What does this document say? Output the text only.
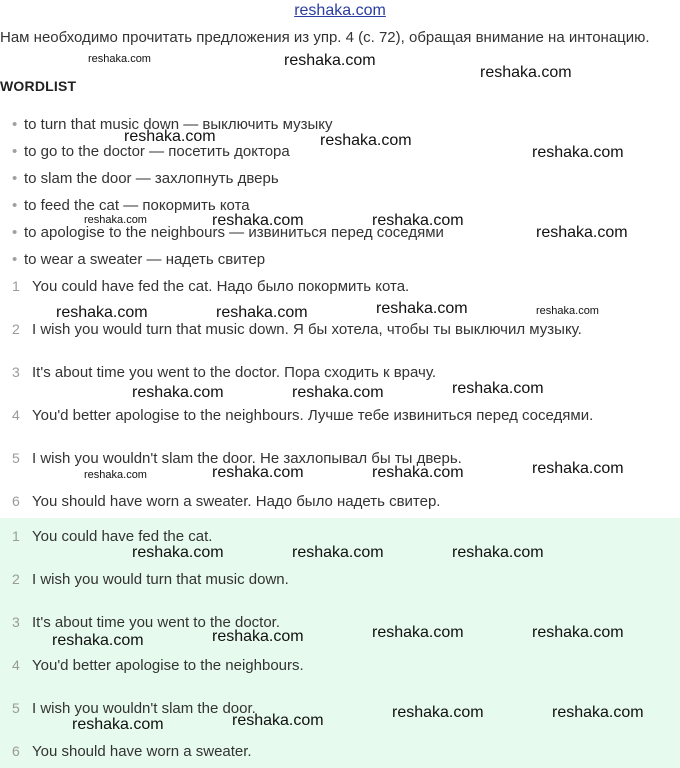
reshaka.com
Нам необходимо прочитать предложения из упр. 4 (с. 72), обращая внимание на интонацию.
WORDLIST
• to turn that music down — выключить музыку
• to go to the doctor — посетить доктора
• to slam the door — захлопнуть дверь
• to feed the cat — покормить кота
• to apologise to the neighbours — извиниться перед соседями
• to wear a sweater — надеть свитер
1 You could have fed the cat. Надо было покормить кота.
2 I wish you would turn that music down. Я бы хотела, чтобы ты выключил музыку.
3 It's about time you went to the doctor. Пора сходить к врачу.
4 You'd better apologise to the neighbours. Лучше тебе извиниться перед соседями.
5 I wish you wouldn't slam the door. Не захлопывал бы ты дверь.
6 You should have worn a sweater. Надо было надеть свитер.
1 You could have fed the cat.
2 I wish you would turn that music down.
3 It's about time you went to the doctor.
4 You'd better apologise to the neighbours.
5 I wish you wouldn't slam the door.
6 You should have worn a sweater.
reshaka.com	reshaka.com
reshaka.com
reshaka.com	reshaka.com
reshaka.com
reshaka.com	reshaka.com	reshaka.com
reshaka.com
reshaka.com	reshaka.com	reshaka.com	reshaka.com
reshaka.com	reshaka.com	reshaka.com
reshaka.com	reshaka.com	reshaka.com	reshaka.com
reshaka.com	reshaka.com	reshaka.com
reshaka.com	reshaka.com	reshaka.com	reshaka.com
reshaka.com	reshaka.com	reshaka.com	reshaka.com
